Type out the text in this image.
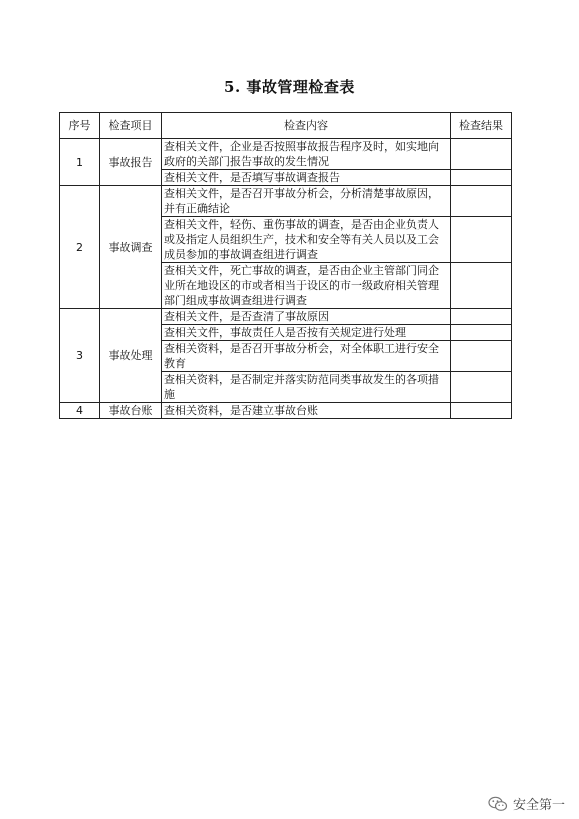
5. 事故管理检查表
序号	检查项目	检查内容	检查结果
1	事故报告	查相关文件，企业是否按照事故报告程序及时，如实地向政府的关部门报告事故的发生情况	
		查相关文件，是否填写事故调查报告	
2	事故调查	查相关文件，是否召开事故分析会，分析清楚事故原因，并有正确结论	
		查相关文件，轻伤、重伤事故的调查，是否由企业负责人或及指定人员组织生产，技术和安全等有关人员以及工会成员参加的事故调查组进行调查	
		查相关文件，死亡事故的调查，是否由企业主管部门同企业所在地设区的市或者相当于设区的市一级政府相关管理部门组成事故调查组进行调查	
3	事故处理	查相关文件，是否查清了事故原因	
		查相关文件，事故责任人是否按有关规定进行处理	
		查相关资料，是否召开事故分析会，对全体职工进行安全教育	
		查相关资料，是否制定并落实防范同类事故发生的各项措施	
4	事故台账	查相关资料，是否建立事故台账	
安全第一
